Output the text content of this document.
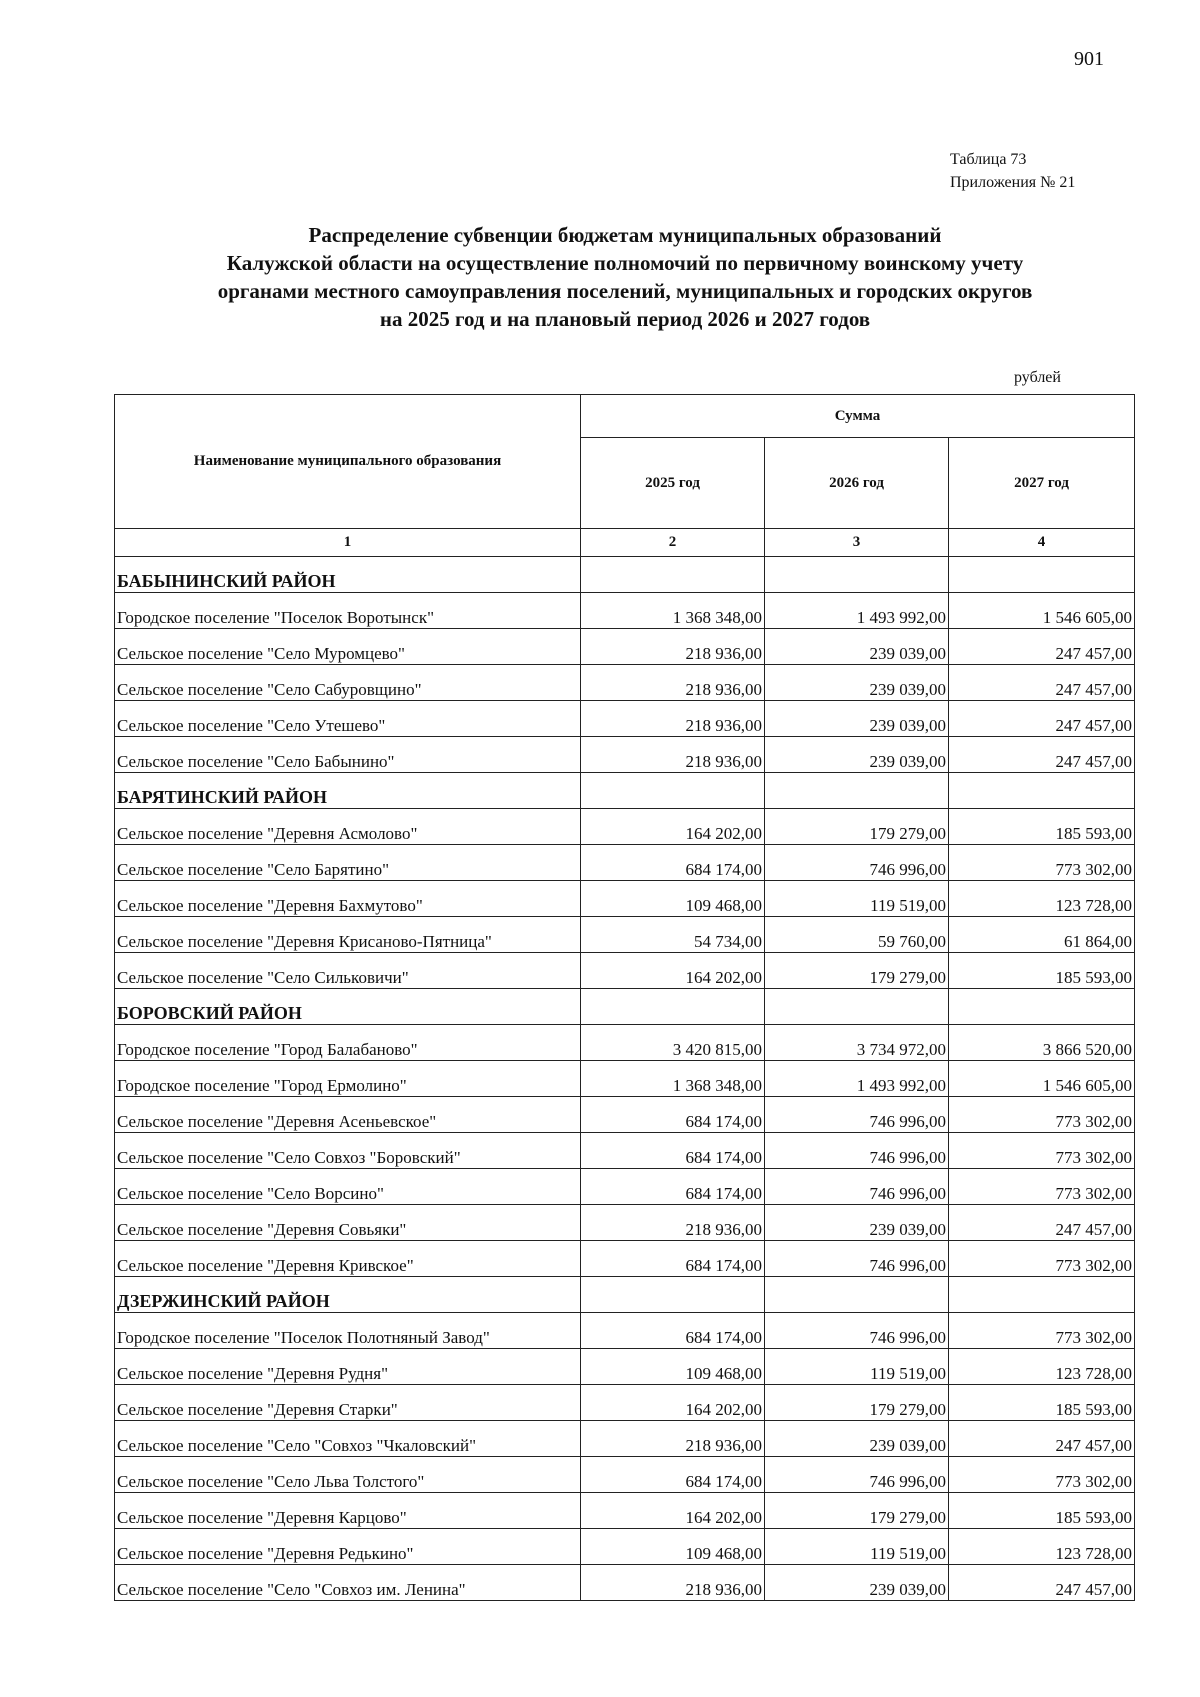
901
Таблица 73
Приложения № 21
Распределение субвенции бюджетам муниципальных образований
Калужской области на осуществление полномочий по первичному воинскому учету
органами местного самоуправления поселений, муниципальных и городских округов
на 2025 год и на плановый период 2026 и 2027 годов
рублей
Наименование муниципального образования	Сумма		
	2025 год	2026 год	2027 год
1	2	3	4
БАБЫНИНСКИЙ РАЙОН			
Городское поселение "Поселок Воротынск"	1 368 348,00	1 493 992,00	1 546 605,00
Сельское поселение "Село Муромцево"	218 936,00	239 039,00	247 457,00
Сельское поселение "Село Сабуровщино"	218 936,00	239 039,00	247 457,00
Сельское поселение "Село Утешево"	218 936,00	239 039,00	247 457,00
Сельское поселение "Село Бабынино"	218 936,00	239 039,00	247 457,00
БАРЯТИНСКИЙ РАЙОН			
Сельское поселение "Деревня Асмолово"	164 202,00	179 279,00	185 593,00
Сельское поселение "Село Барятино"	684 174,00	746 996,00	773 302,00
Сельское поселение "Деревня Бахмутово"	109 468,00	119 519,00	123 728,00
Сельское поселение "Деревня Крисаново-Пятница"	54 734,00	59 760,00	61 864,00
Сельское поселение "Село Сильковичи"	164 202,00	179 279,00	185 593,00
БОРОВСКИЙ РАЙОН			
Городское поселение "Город Балабаново"	3 420 815,00	3 734 972,00	3 866 520,00
Городское поселение "Город Ермолино"	1 368 348,00	1 493 992,00	1 546 605,00
Сельское поселение "Деревня Асеньевское"	684 174,00	746 996,00	773 302,00
Сельское поселение "Село Совхоз "Боровский"	684 174,00	746 996,00	773 302,00
Сельское поселение "Село Ворсино"	684 174,00	746 996,00	773 302,00
Сельское поселение "Деревня Совьяки"	218 936,00	239 039,00	247 457,00
Сельское поселение "Деревня Кривское"	684 174,00	746 996,00	773 302,00
ДЗЕРЖИНСКИЙ РАЙОН			
Городское поселение "Поселок Полотняный Завод"	684 174,00	746 996,00	773 302,00
Сельское поселение "Деревня Рудня"	109 468,00	119 519,00	123 728,00
Сельское поселение "Деревня Старки"	164 202,00	179 279,00	185 593,00
Сельское поселение "Село "Совхоз "Чкаловский"	218 936,00	239 039,00	247 457,00
Сельское поселение "Село Льва Толстого"	684 174,00	746 996,00	773 302,00
Сельское поселение "Деревня Карцово"	164 202,00	179 279,00	185 593,00
Сельское поселение "Деревня Редькино"	109 468,00	119 519,00	123 728,00
Сельское поселение "Село "Совхоз им. Ленина"	218 936,00	239 039,00	247 457,00
